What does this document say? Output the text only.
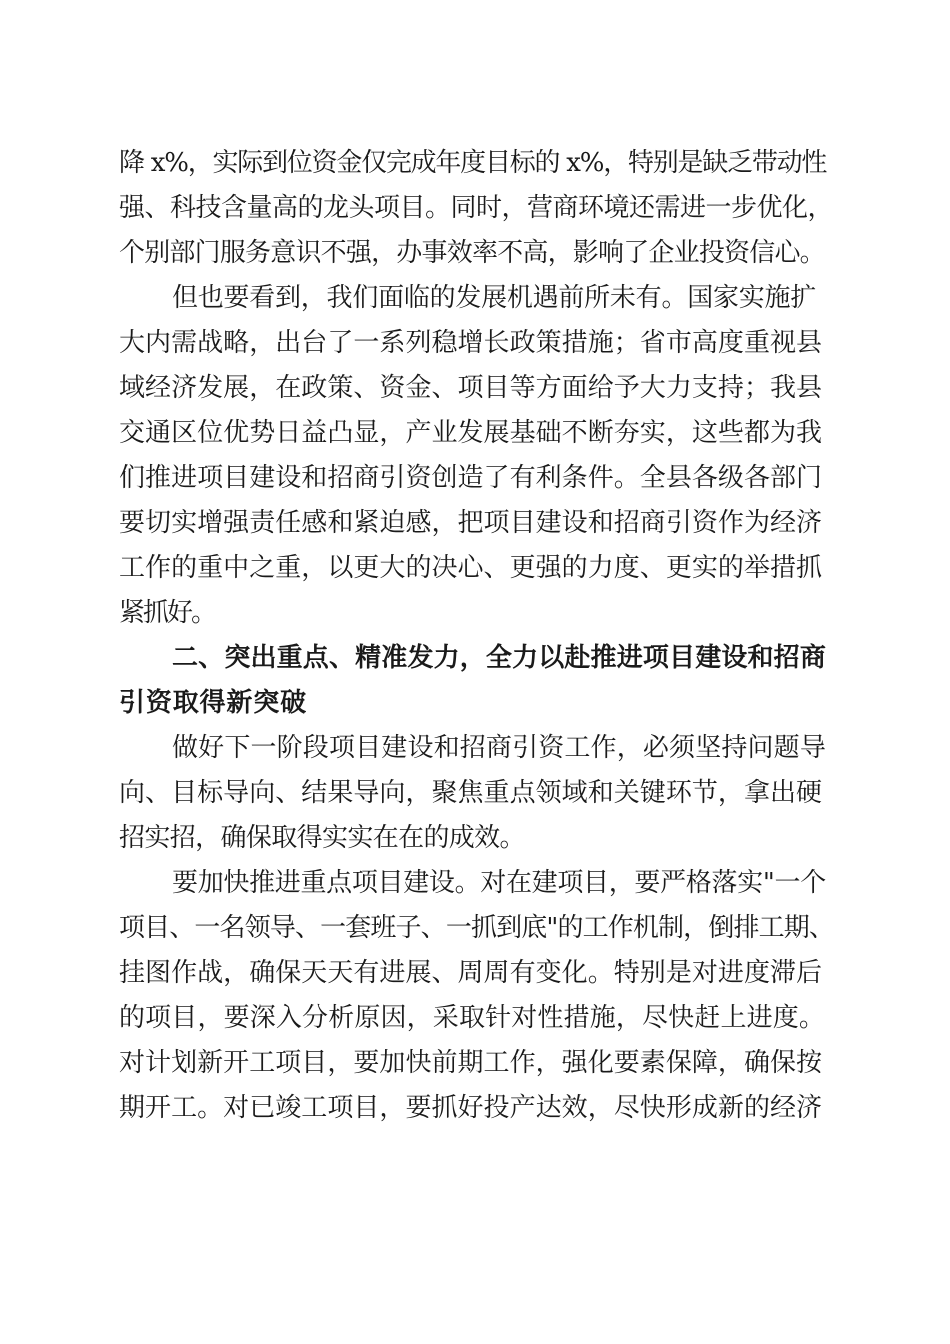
降 x%，实际到位资金仅完成年度目标的 x%，特别是缺乏带动性
强、科技含量高的龙头项目。同时，营商环境还需进一步优化，
个别部门服务意识不强，办事效率不高，影响了企业投资信心。
但也要看到，我们面临的发展机遇前所未有。国家实施扩
大内需战略，出台了一系列稳增长政策措施；省市高度重视县
域经济发展，在政策、资金、项目等方面给予大力支持；我县
交通区位优势日益凸显，产业发展基础不断夯实，这些都为我
们推进项目建设和招商引资创造了有利条件。全县各级各部门
要切实增强责任感和紧迫感，把项目建设和招商引资作为经济
工作的重中之重，以更大的决心、更强的力度、更实的举措抓
紧抓好。
二、突出重点、精准发力，全力以赴推进项目建设和招商
引资取得新突破
做好下一阶段项目建设和招商引资工作，必须坚持问题导
向、目标导向、结果导向，聚焦重点领域和关键环节，拿出硬
招实招，确保取得实实在在的成效。
要加快推进重点项目建设。对在建项目，要严格落实"一个
项目、一名领导、一套班子、一抓到底"的工作机制，倒排工期、
挂图作战，确保天天有进展、周周有变化。特别是对进度滞后
的项目，要深入分析原因，采取针对性措施，尽快赶上进度。
对计划新开工项目，要加快前期工作，强化要素保障，确保按
期开工。对已竣工项目，要抓好投产达效，尽快形成新的经济
